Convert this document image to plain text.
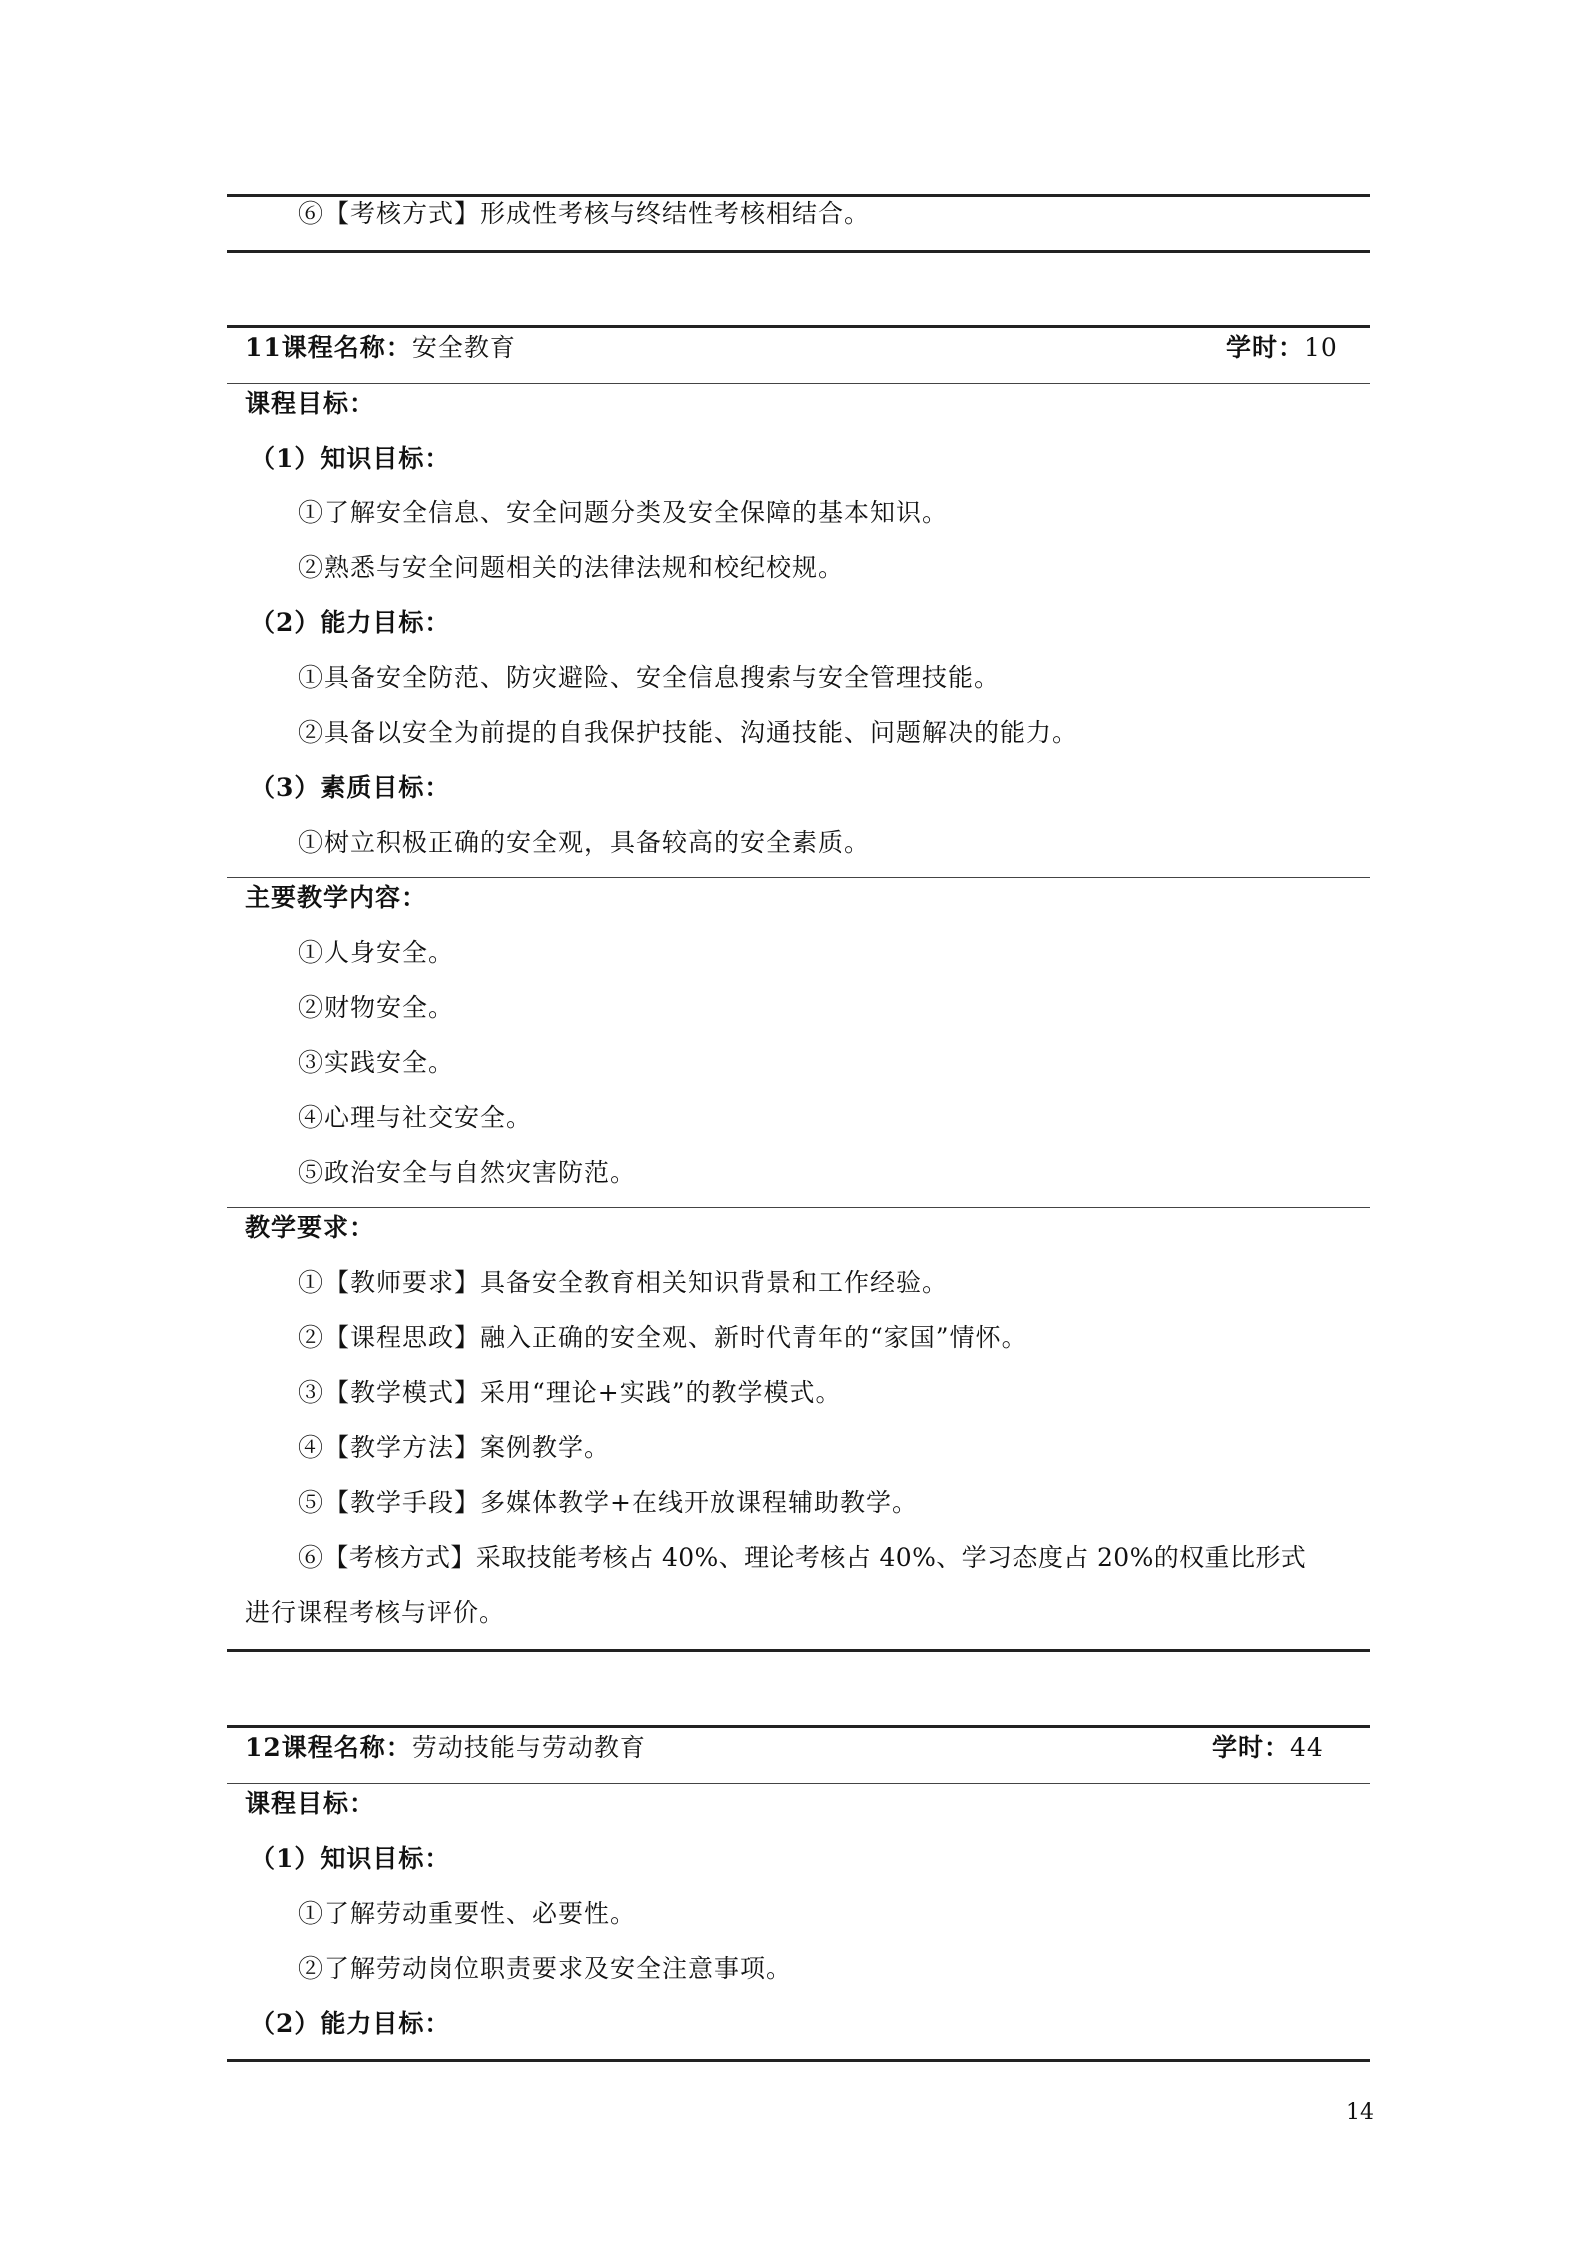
⑥【考核方式】形成性考核与终结性考核相结合。
11课程名称：安全教育	学时：10
课程目标：
（1）知识目标：
①了解安全信息、安全问题分类及安全保障的基本知识。
②熟悉与安全问题相关的法律法规和校纪校规。
（2）能力目标：
①具备安全防范、防灾避险、安全信息搜索与安全管理技能。
②具备以安全为前提的自我保护技能、沟通技能、问题解决的能力。
（3）素质目标：
①树立积极正确的安全观，具备较高的安全素质。
主要教学内容：
①人身安全。
②财物安全。
③实践安全。
④心理与社交安全。
⑤政治安全与自然灾害防范。
教学要求：
①【教师要求】具备安全教育相关知识背景和工作经验。
②【课程思政】融入正确的安全观、新时代青年的“家国”情怀。
③【教学模式】采用“理论+实践”的教学模式。
④【教学方法】案例教学。
⑤【教学手段】多媒体教学+在线开放课程辅助教学。
⑥【考核方式】采取技能考核占 40%、理论考核占 40%、学习态度占 20%的权重比形式
进行课程考核与评价。
12课程名称：劳动技能与劳动教育	学时：44
课程目标：
（1）知识目标：
①了解劳动重要性、必要性。
②了解劳动岗位职责要求及安全注意事项。
（2）能力目标：
14
